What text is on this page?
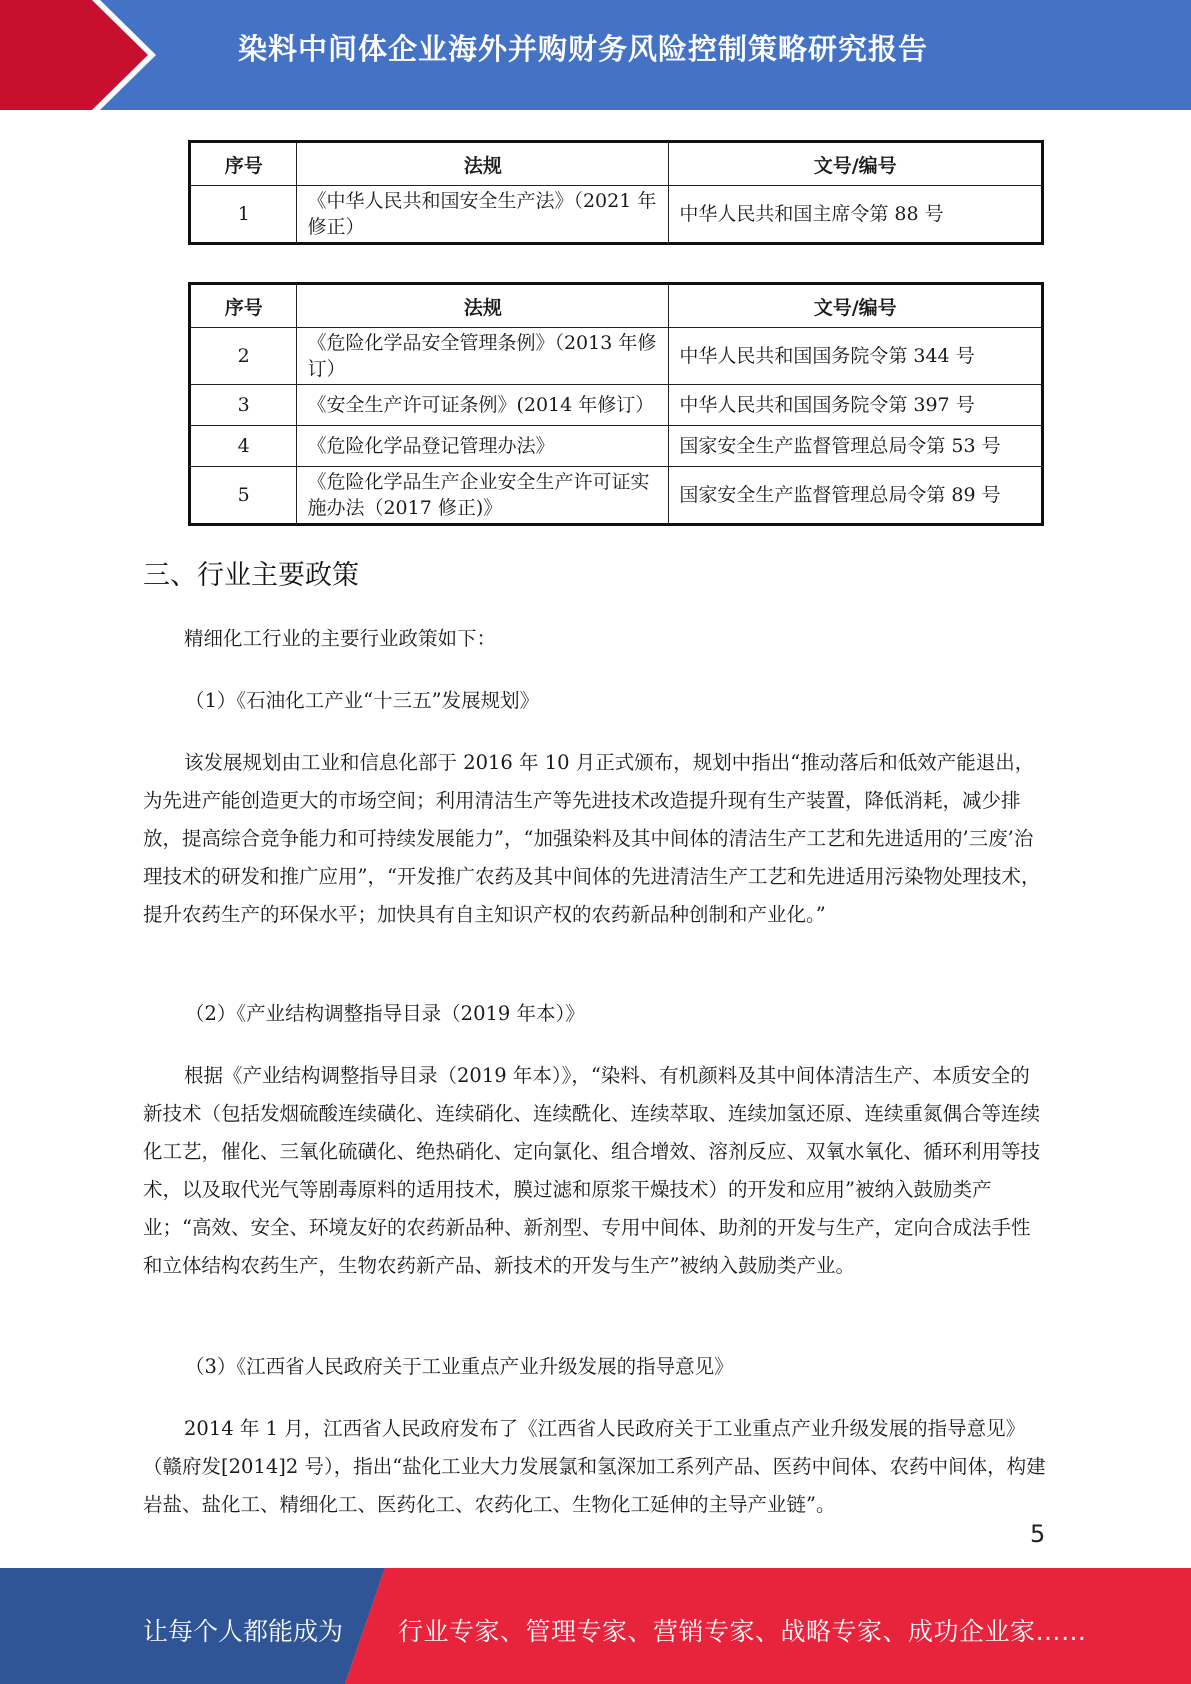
染料中间体企业海外并购财务风险控制策略研究报告
序号	法规	文号/编号
1	《中华人民共和国安全生产法》（2021 年修正）	中华人民共和国主席令第 88 号
序号	法规	文号/编号
2	《危险化学品安全管理条例》（2013 年修订）	中华人民共和国国务院令第 344 号
3	《安全生产许可证条例》(2014 年修订）	中华人民共和国国务院令第 397 号
4	《危险化学品登记管理办法》	国家安全生产监督管理总局令第 53 号
5	《危险化学品生产企业安全生产许可证实施办法（2017 修正)》	国家安全生产监督管理总局令第 89 号
三、行业主要政策
精细化工行业的主要行业政策如下：
（1）《石油化工产业“十三五”发展规划》
该发展规划由工业和信息化部于 2016 年 10 月正式颁布，规划中指出“推动落后和低效产能退出，为先进产能创造更大的市场空间；利用清洁生产等先进技术改造提升现有生产装置，降低消耗，减少排放，提高综合竞争能力和可持续发展能力”，“加强染料及其中间体的清洁生产工艺和先进适用的’三废’治理技术的研发和推广应用”，“开发推广农药及其中间体的先进清洁生产工艺和先进适用污染物处理技术，提升农药生产的环保水平；加快具有自主知识产权的农药新品种创制和产业化。”
（2）《产业结构调整指导目录（2019 年本）》
根据《产业结构调整指导目录（2019 年本）》，“染料、有机颜料及其中间体清洁生产、本质安全的新技术（包括发烟硫酸连续磺化、连续硝化、连续酰化、连续萃取、连续加氢还原、连续重氮偶合等连续化工艺，催化、三氧化硫磺化、绝热硝化、定向氯化、组合增效、溶剂反应、双氧水氧化、循环利用等技术，以及取代光气等剧毒原料的适用技术，膜过滤和原浆干燥技术）的开发和应用”被纳入鼓励类产业；“高效、安全、环境友好的农药新品种、新剂型、专用中间体、助剂的开发与生产，定向合成法手性和立体结构农药生产，生物农药新产品、新技术的开发与生产”被纳入鼓励类产业。
（3）《江西省人民政府关于工业重点产业升级发展的指导意见》
2014 年 1 月，江西省人民政府发布了《江西省人民政府关于工业重点产业升级发展的指导意见》（赣府发[2014]2 号），指出“盐化工业大力发展氯和氢深加工系列产品、医药中间体、农药中间体，构建岩盐、盐化工、精细化工、医药化工、农药化工、生物化工延伸的主导产业链”。
5
让每个人都能成为 行业专家、管理专家、营销专家、战略专家、成功企业家……
